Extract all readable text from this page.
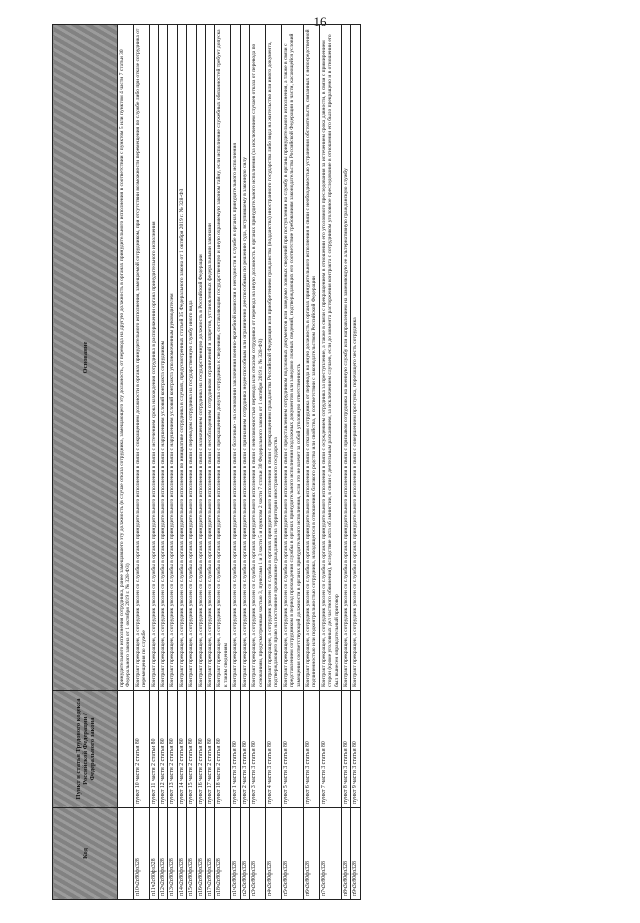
16
Код	Пункт и статья Трудового кодекса Российской Федерации / Федерального закона	Основание
		принудительного исполнения сотрудника, ранее замещавшего эту должность (в случае отказа сотрудника, замещающего эту должность, от перевода на другую должность в органах принудительного исполнения в соответствии с пунктом 5 или пунктом 4 части 7 статьи 30 Федерального закона от 1 октября 2019 г. № 328-ФЗ)
п10ч2с80фз328	пункт 10 части 2 статьи 80	Контракт прекращен, а сотрудник уволен со службы в органах принудительного исполнения в связи с сокращением должности в органах принудительного исполнения, замещаемой сотрудником, при отсутствии возможности перемещения по службе либо при отказе сотрудника от перемещения по службе
п11ч2с80фз328	пункт 11 части 2 статьи 80	Контракт прекращен, а сотрудник уволен со службы в органах принудительного исполнения в связи с истечением срока нахождения сотрудника в распоряжении органа принудительного исполнения
п12ч2с80фз328	пункт 12 части 2 статьи 80	Контракт прекращен, а сотрудник уволен со службы в органах принудительного исполнения в связи с нарушением условий контракта сотрудником
п13ч2с80фз328	пункт 13 части 2 статьи 80	Контракт прекращен, а сотрудник уволен со службы в органах принудительного исполнения в связи с нарушением условий контракта уполномоченным руководителем
п14ч2с80фз328	пункт 14 части 2 статьи 80	Контракт прекращен, а сотрудник уволен со службы в органах принудительного исполнения по инициативе сотрудника в случаях, предусмотренных статьей 35 Федерального закона от 1 октября 2019 г. № 328-ФЗ
п15ч2с80фз328	пункт 15 части 2 статьи 80	Контракт прекращен, а сотрудник уволен со службы в органах принудительного исполнения в связи с переводом сотрудника на государственную службу иного вида
п16ч2с80фз328	пункт 16 части 2 статьи 80	Контракт прекращен, а сотрудник уволен со службы в органах принудительного исполнения в связи с назначением сотрудника на государственную должность в Российской Федерации
п17ч2с80фз328	пункт 17 части 2 статьи 80	Контракт прекращен, а сотрудник уволен со службы в органах принудительного исполнения в связи с несоблюдением сотрудником ограничений и запретов, установленных федеральными законами
п18ч2с80фз328	пункт 18 части 2 статьи 80	Контракт прекращен, а сотрудник уволен со службы в органах принудительного исполнения в связи с прекращением допуска сотрудника к сведениям, составляющим государственную и иную охраняемую законом тайну, если исполнение служебных обязанностей требует допуска к таким сведениям
п1ч3с80фз328	пункт 1 части 3 статьи 80	Контракт прекращен, а сотрудник уволен со службы в органах принудительного исполнения в связи с болезнью - на основании заключения военно-врачебной комиссии о негодности к службе в органах принудительного исполнения
п2ч3с80фз328	пункт 2 части 3 статьи 80	Контракт прекращен, а сотрудник уволен со службы в органах принудительного исполнения в связи с признанием сотрудника недееспособным или ограниченно дееспособным по решению суда, вступившему в законную силу
п3ч3с80фз328	пункт 3 части 3 статьи 80	Контракт прекращен, а сотрудник уволен со службы в органах принудительного исполнения в связи с невозможностью перевода или отказом сотрудника от перевода на иную должность в органах принудительного исполнения (за исключением случаев отказа от перевода по основаниям, предусмотренным частью 3, пунктами 1 и 3 части 5 и пунктом 2 части 7 статьи 30 Федерального закона от 1 октября 2019 г. № 328-ФЗ)
п4ч3с80фз328	пункт 4 части 3 статьи 80	Контракт прекращен, а сотрудник уволен со службы в органах принудительного исполнения в связи с прекращением гражданства Российской Федерации или приобретением гражданства (подданства) иностранного государства либо вида на жительство или иного документа, подтверждающего право на постоянное проживание гражданина на территории иностранного государства
п5ч3с80фз328	пункт 5 части 3 статьи 80	Контракт прекращен, а сотрудник уволен со службы в органах принудительного исполнения в связи с представлением сотрудником подложных документов или заведомо ложных сведений при поступлении на службу в органы принудительного исполнения, а также в связи с представлением сотрудником в период прохождения службы в органах принудительного исполнения подложных документов или заведомо ложных сведений, подтверждающих его соответствие требованиям законодательства Российской Федерации в части, касающейся условий замещения соответствующей должности в органах принудительного исполнения, если это не влечет за собой уголовную ответственность
п6ч3с80фз328	пункт 6 части 3 статьи 80	Контракт прекращен, а сотрудник уволен со службы в органах принудительного исполнения в связи с отказом сотрудника от перевода на иную должность в органах принудительного исполнения в связи с необходимостью устранения обстоятельств, связанных с непосредственной подчиненностью или подконтрольностью сотрудника, находящегося в отношениях близкого родства или свойства, в соответствии с законодательством Российской Федерации
п7ч3с80фз328	пункт 7 части 3 статьи 80	Контракт прекращен, а сотрудник уволен со службы в органах принудительного исполнения в связи с осуждением сотрудника за преступление, а также в связи с прекращением в отношении его уголовного преследования за истечением срока давности, в связи с примирением сторон (кроме уголовных дел частного обвинения), вследствие акта об амнистии, в связи с деятельным раскаянием, за исключением случаев, если до момента расторжения контракта с сотрудником уголовное преследование в отношении его было прекращено и в отношении его был вынесен оправдательный приговор
п8ч3с80фз328	пункт 8 части 3 статьи 80	Контракт прекращен, а сотрудник уволен со службы в органах принудительного исполнения в связи с призывом сотрудника на военную службу или направлением на заменяющую ее альтернативную гражданскую службу
п9ч3с80фз328	пункт 9 части 3 статьи 80	Контракт прекращен, а сотрудник уволен со службы в органах принудительного исполнения в связи с совершением проступка, порочащего честь сотрудника
